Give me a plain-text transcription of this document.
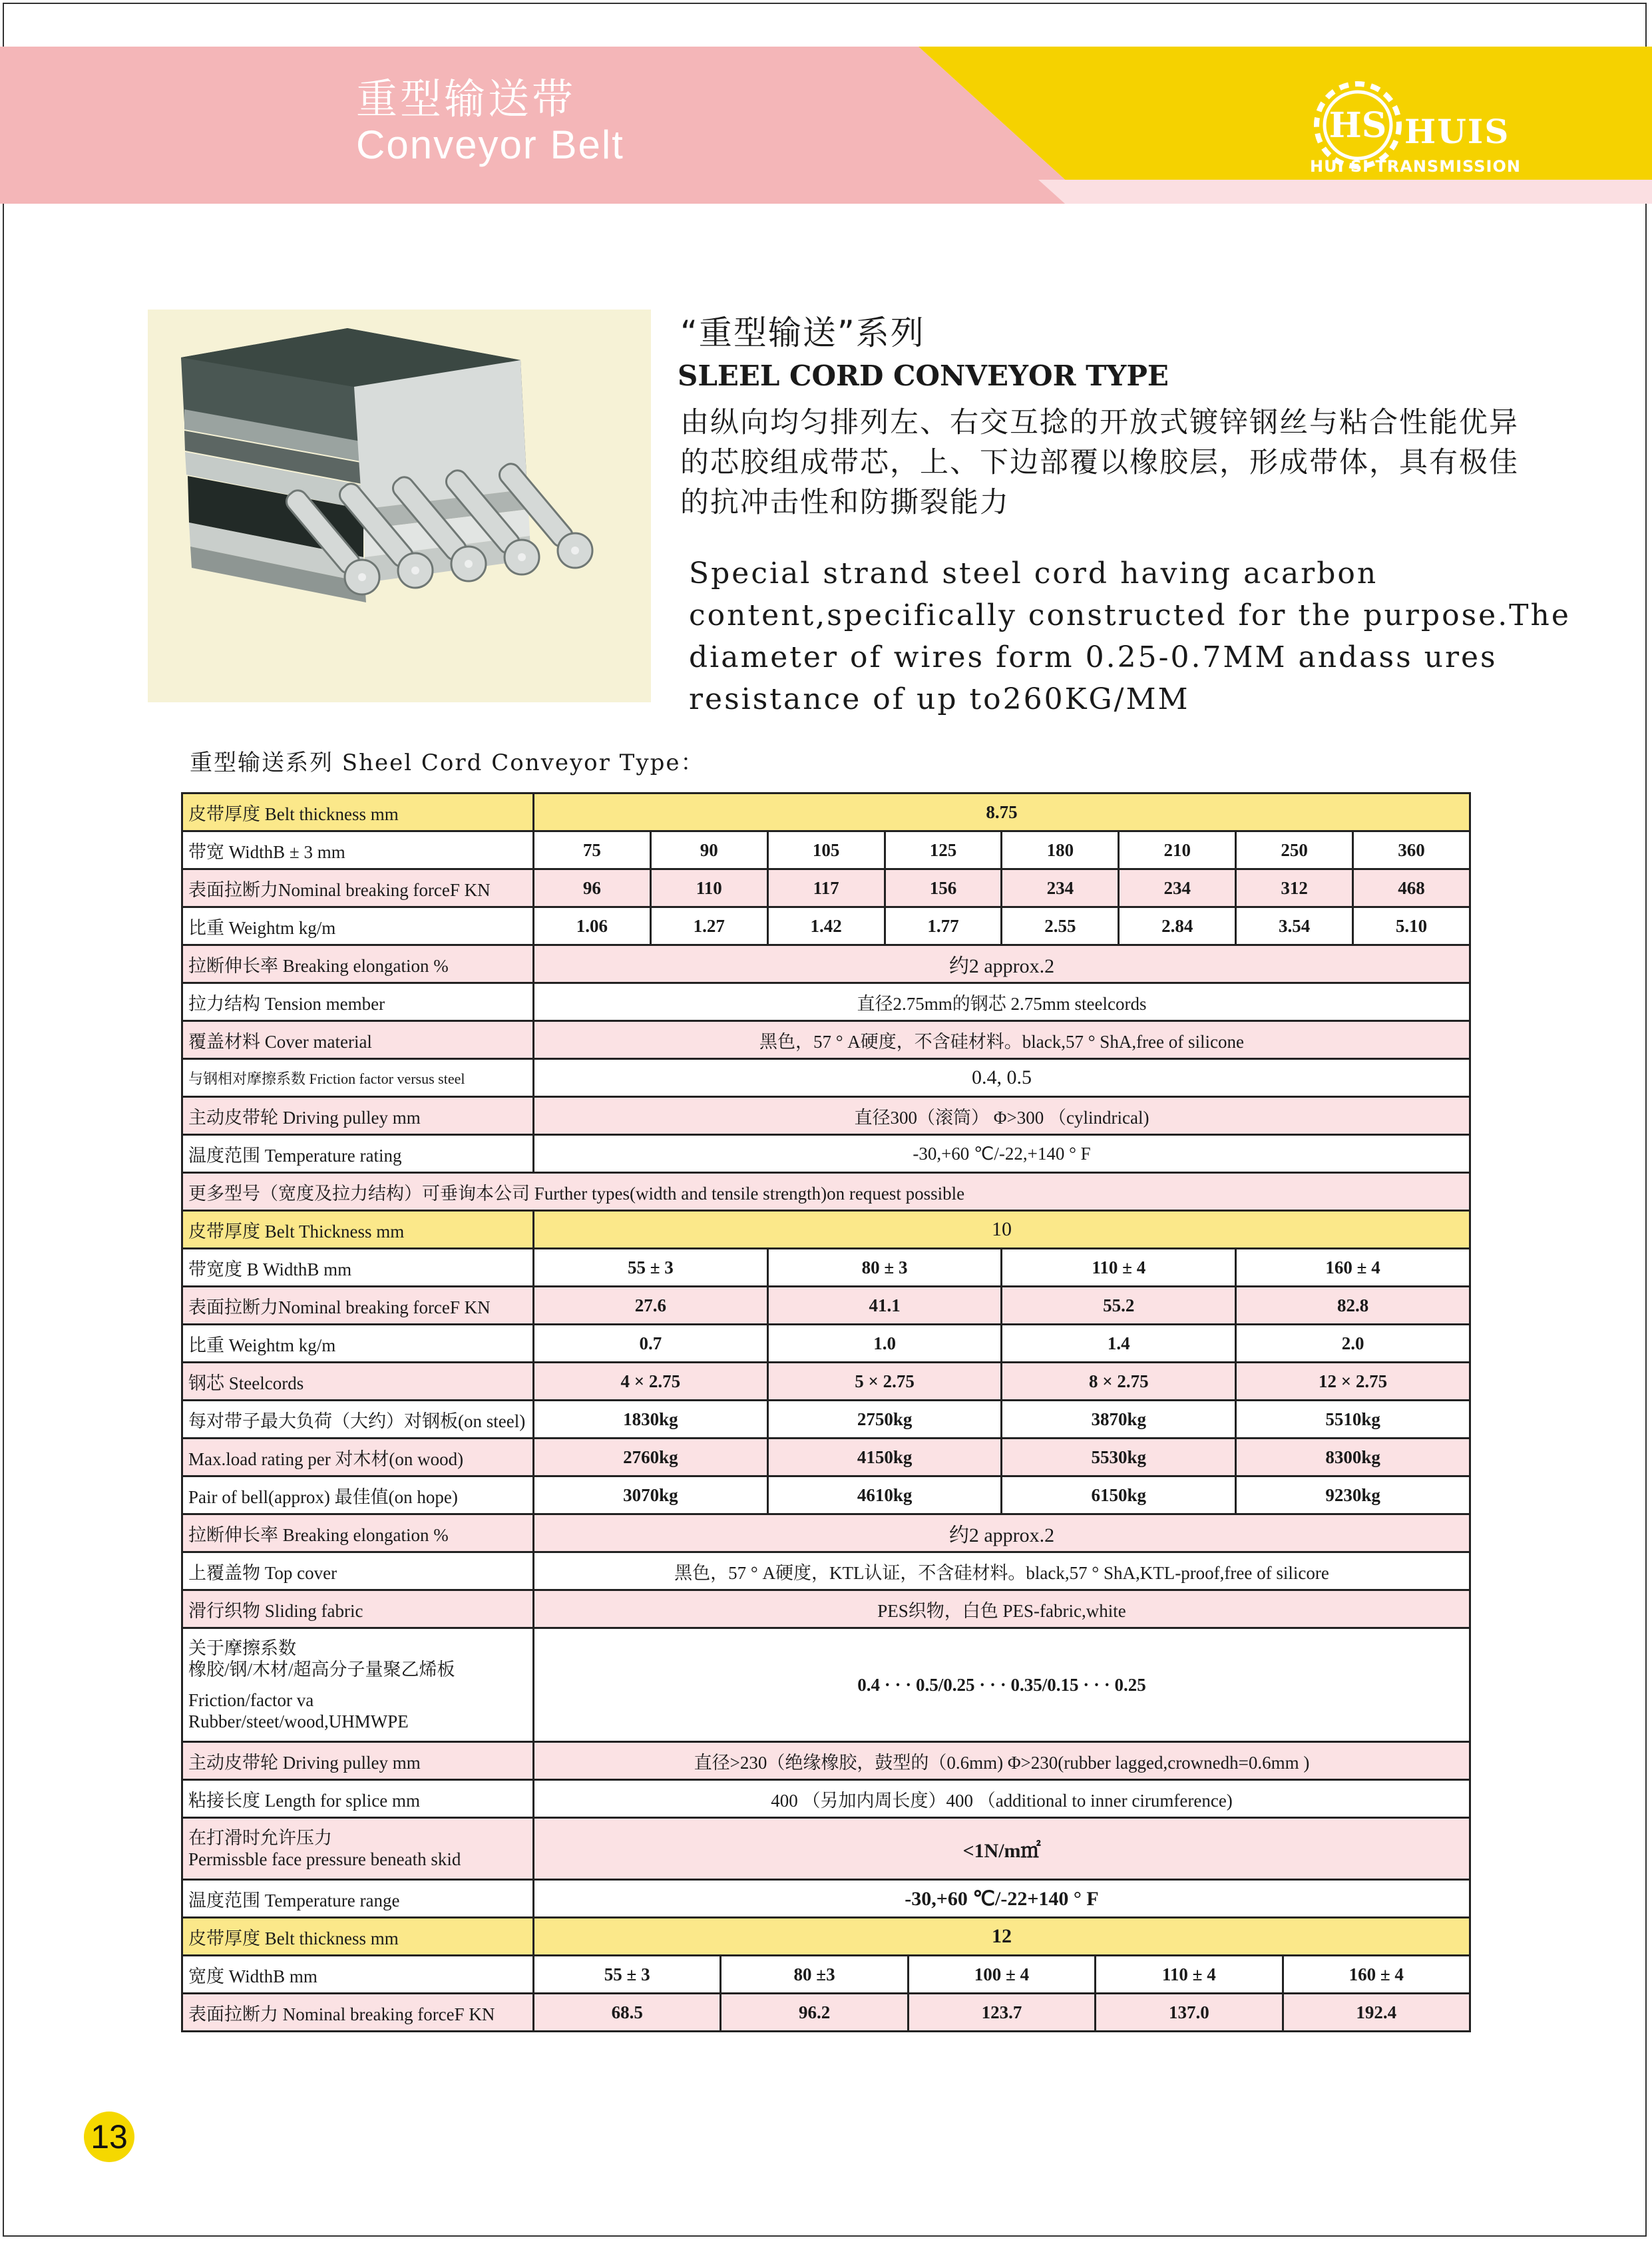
重型输送带
Conveyor Belt	HS HUIS
HUI SI TRANSMISSION
“重型输送”系列
SLEEL CORD CONVEYOR TYPE
由纵向均匀排列左、右交互捻的开放式镀锌钢丝与粘合性能优异的芯胶组成带芯，上、下边部覆以橡胶层，形成带体，具有极佳的抗冲击性和防撕裂能力
Special strand steel cord having acarbon content,specifically constructed for the purpose.The diameter of wires form 0.25-0.7MM andass ures resistance of up to260KG/MM
重型输送系列 Sheel Cord Conveyor Type：
皮带厚度 Belt thickness mm	8.75											
带宽 WidthB ± 3 mm	75	90		105	125		180		210	250		360
表面拉断力Nominal breaking forceF KN	96	110		117	156		234		234	312		468
比重 Weightm kg/m	1.06	1.27		1.42	1.77		2.55		2.84	3.54		5.10
拉断伸长率 Breaking elongation %	约2 approx.2											
拉力结构 Tension member	直径2.75mm的钢芯 2.75mm steelcords											
覆盖材料 Cover material	黑色，57 ° A硬度，不含硅材料。black,57 ° ShA,free of silicone											
与钢相对摩擦系数 Friction factor versus steel	0.4, 0.5											
主动皮带轮 Driving pulley mm	直径300（滚筒） Φ>300 （cylindrical)											
温度范围 Temperature rating	-30,+60 ℃/-22,+140 ° F											
更多型号（宽度及拉力结构）可垂询本公司 Further types(width and tensile strength)on request possible												
皮带厚度 Belt Thickness mm	10											
带宽度 B WidthB mm	55 ± 3			80 ± 3			110 ± 4			160 ± 4		
表面拉断力Nominal breaking forceF KN	27.6			41.1			55.2			82.8		
比重 Weightm kg/m	0.7			1.0			1.4			2.0		
钢芯 Steelcords	4 × 2.75			5 × 2.75			8 × 2.75			12 × 2.75		
每对带子最大负荷（大约）对钢板(on steel)	1830kg			2750kg			3870kg			5510kg		
Max.load rating per 对木材(on wood)	2760kg			4150kg			5530kg			8300kg		
Pair of bell(approx) 最佳值(on hope)	3070kg			4610kg			6150kg			9230kg		
拉断伸长率 Breaking elongation %	约2 approx.2											
上覆盖物 Top cover	黑色，57 ° A硬度，KTL认证，不含硅材料。black,57 ° ShA,KTL-proof,free of silicore											
滑行织物 Sliding fabric	PES织物，白色 PES-fabric,white											

关于摩擦系数
橡胶/钢/木材/超高分子量聚乙烯板
Friction/factor va
Rubber/steet/wood,UHMWPE	0.4 · · · 0.5/0.25 · · · 0.35/0.15 · · · 0.25											
主动皮带轮 Driving pulley mm	直径>230（绝缘橡胶，鼓型的（0.6mm) Φ>230(rubber lagged,crownedh=0.6mm )											
粘接长度 Length for splice mm	400 （另加内周长度）400 （additional to inner cirumference)											

在打滑时允许压力
Permissble face pressure beneath skid	<1N/m㎡											
温度范围 Temperature range	-30,+60 ℃/-22+140 ° F											
皮带厚度 Belt thickness mm	12											
宽度 WidthB mm	55 ± 3		80 ±3			100 ± 4		110 ± 4			160 ± 4	
表面拉断力 Nominal breaking forceF KN	68.5		96.2			123.7		137.0			192.4	
13
